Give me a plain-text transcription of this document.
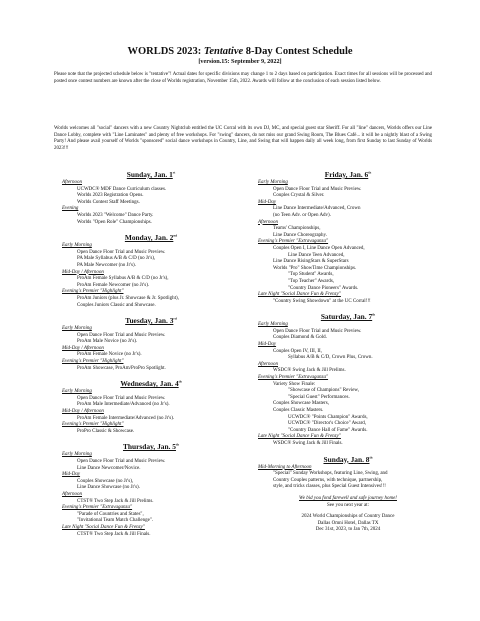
WORLDS 2023: Tentative 8-Day Contest Schedule
[version.15: September 9, 2022]

Please note that the projected schedule below is "tentative"! Actual dates for specific divisions may change 1 to 2 days based on participation. Exact times for all sessions will be processed and posted once contest numbers are known after the close of Worlds registration, November 15th, 2022. Awards will follow at the conclusion of each session listed below.

Worlds welcomes all "social" dancers with a new Country Nightclub entitled the UC Corral with its own DJ, MC, and special guest star Sheriff. For all "line" dancers, Worlds offers our Line Dance Lobby, complete with "Line Laminates" and plenty of free workshops. For "swing" dancers, do not miss our grand Swing Room, The Blues Café... it will be a nightly blast of a Swing Party! And please avail yourself of Worlds "sponsored" social dance workshops in Country, Line, and Swing that will happen daily all week long, from first Sunday to last Sunday of Worlds 2023!!!

Sunday, Jan. 1st
Afternoon
UCWDC® MDF Dance Curriculum classes.
Worlds 2023 Registration Opens.
Worlds Contest Staff Meetings.
Evening
Worlds 2023 "Welcome" Dance Party.
Worlds "Open Role" Championships.
Monday, Jan. 2nd
Early Morning
Open Dance Floor Trial and Music Preview.
PA Male Syllabus A/B & C/D (no Jr's),
PA Male Newcomer (no Jr's).
Mid-Day / Afternoon
ProAm Female Syllabus A/B & C/D (no Jr's),
ProAm Female Newcomer (no Jr's).
Evening's Premier "Highlight"
ProAm Juniors (plus Jr. Showcase & Jr. Spotlight),
Couples Juniors Classic and Showcase.
Tuesday, Jan. 3rd
Early Morning
Open Dance Floor Trial and Music Preview.
ProAm Male Novice (no Jr's).
Mid-Day / Afternoon
ProAm Female Novice (no Jr's).
Evening's Premier "Highlight"
ProAm Showcase, ProAm/ProPro Spotlight.
Wednesday, Jan. 4th
Early Morning
Open Dance Floor Trial and Music Preview.
ProAm Male Intermediate/Advanced (no Jr's).
Mid-Day / Afternoon
ProAm Female Intermediate/Advanced (no Jr's).
Evening's Premier "Highlight"
ProPro Classic & Showcase.
Thursday, Jan. 5th
Early Morning
Open Dance Floor Trial and Music Preview.
Line Dance Newcomer/Novice.
Mid-Day
Couples Showcase (no Jr's),
Line Dance Showcase (no Jr's).
Afternoon
CTST® Two Step Jack & Jill Prelims.
Evening's Premier "Extravaganza"
"Parade of Countries and States",
"Invitational Team Match Challenge".
Late Night "Social Dance Fun & Frenzy"
CTST® Two Step Jack & Jill Finals.
Friday, Jan. 6th
Early Morning
Open Dance Floor Trial and Music Preview.
Couples Crystal & Silver.
Mid-Day
Line Dance Intermediate/Advanced, Crown
(no Teen Adv. or Open Adv).
Afternoon
Teams' Championships,
Line Dance Choreography.
Evening's Premier "Extravaganza"
Couples Open I, Line Dance Open Advanced,
Line Dance Teen Advanced,
Line Dance RisingStars & SuperStars
Worlds "Pro" ShowTime Championships.
"Top Student" Awards,
"Top Teacher" Awards,
"Country Dance Pioneers" Awards.
Late Night "Social Dance Fun & Frenzy"
"Country Swing Showdown" at the UC Corral!!!
Saturday, Jan. 7th
Early Morning
Open Dance Floor Trial and Music Preview.
Couples Diamond & Gold.
Mid-Day
Couples Open IV, III, II,
Syllabus A/B & C/D, Crown Plus, Crown.
Afternoon
WSDC® Swing Jack & Jill Prelims.
Evening's Premier "Extravaganza"
Variety Show Finale:
"Showcase of Champions" Review,
"Special Guest" Performances.
Couples Showcase Masters,
Couples Classic Masters.
UCWDC® "Points Champion" Awards,
UCWDC® "Director's Choice" Award,
"Country Dance Hall of Fame" Awards.
Late Night "Social Dance Fun & Frenzy"
WSDC® Swing Jack & Jill Finals.
Sunday, Jan. 8th
Mid-Morning to Afternoon
"Special" Sunday Workshops, featuring Line, Swing, and
Country Couples patterns, with technique, partnership,
style, and tricks classes, plus Special Guest Intensives!!!
We bid you fond farewell and safe journey home!
See you next year at:
2024 World Championships of Country Dance
Dallas Omni Hotel, Dallas TX
Dec 31st, 2023, to Jan 7th, 2024
